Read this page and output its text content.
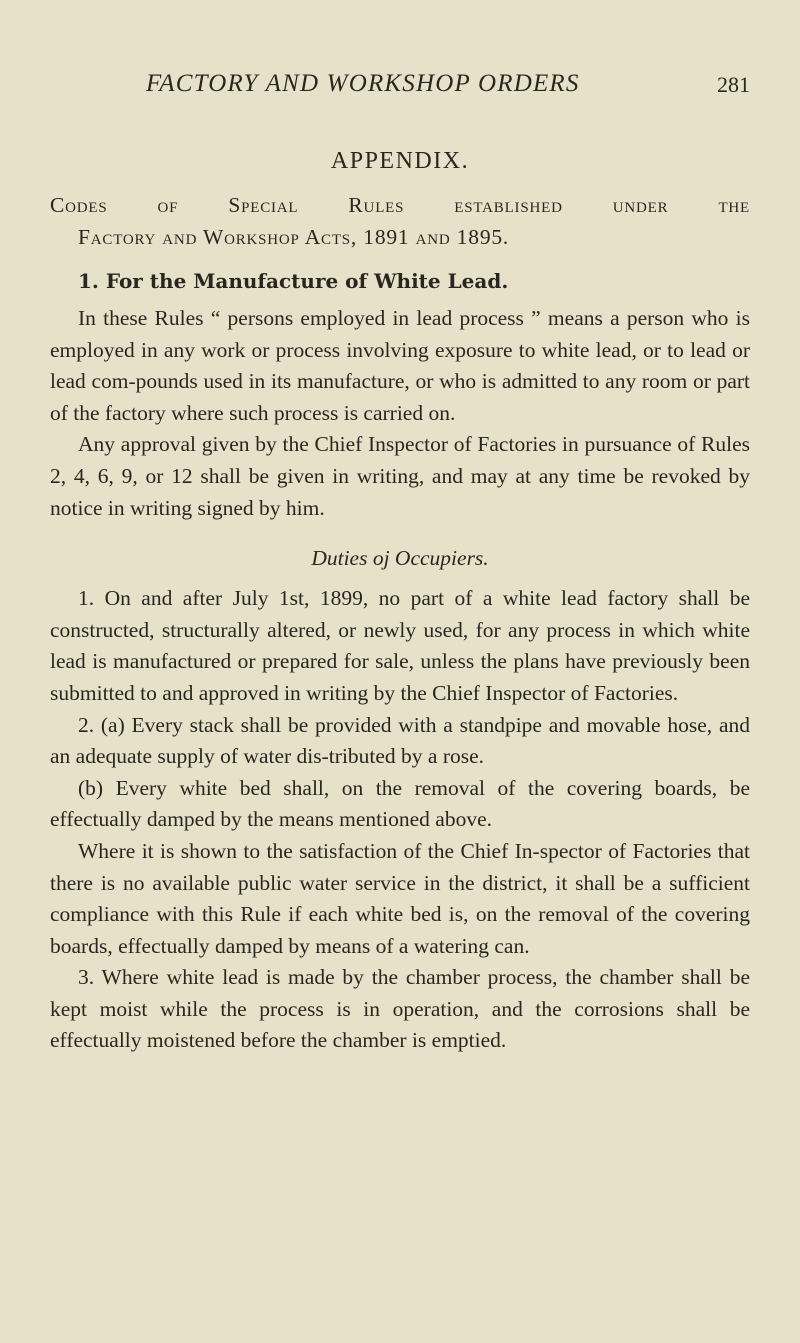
FACTORY AND WORKSHOP ORDERS	281
APPENDIX.
Codes of Special Rules established under the
Factory and Workshop Acts, 1891 and 1895.
1. For the Manufacture of White Lead.

In these Rules “ persons employed in lead process ” means a person who is employed in any work or process involving exposure to white lead, or to lead or lead com-pounds used in its manufacture, or who is admitted to any room or part of the factory where such process is carried on.

Any approval given by the Chief Inspector of Factories in pursuance of Rules 2, 4, 6, 9, or 12 shall be given in writing, and may at any time be revoked by notice in writing signed by him.

Duties oj Occupiers.

1. On and after July 1st, 1899, no part of a white lead factory shall be constructed, structurally altered, or newly used, for any process in which white lead is manufactured or prepared for sale, unless the plans have previously been submitted to and approved in writing by the Chief Inspector of Factories.

2. (a) Every stack shall be provided with a standpipe and movable hose, and an adequate supply of water dis-tributed by a rose.

(b) Every white bed shall, on the removal of the covering boards, be effectually damped by the means mentioned above.

Where it is shown to the satisfaction of the Chief In-spector of Factories that there is no available public water service in the district, it shall be a sufficient compliance with this Rule if each white bed is, on the removal of the covering boards, effectually damped by means of a watering can.

3. Where white lead is made by the chamber process, the chamber shall be kept moist while the process is in operation, and the corrosions shall be effectually moistened before the chamber is emptied.
